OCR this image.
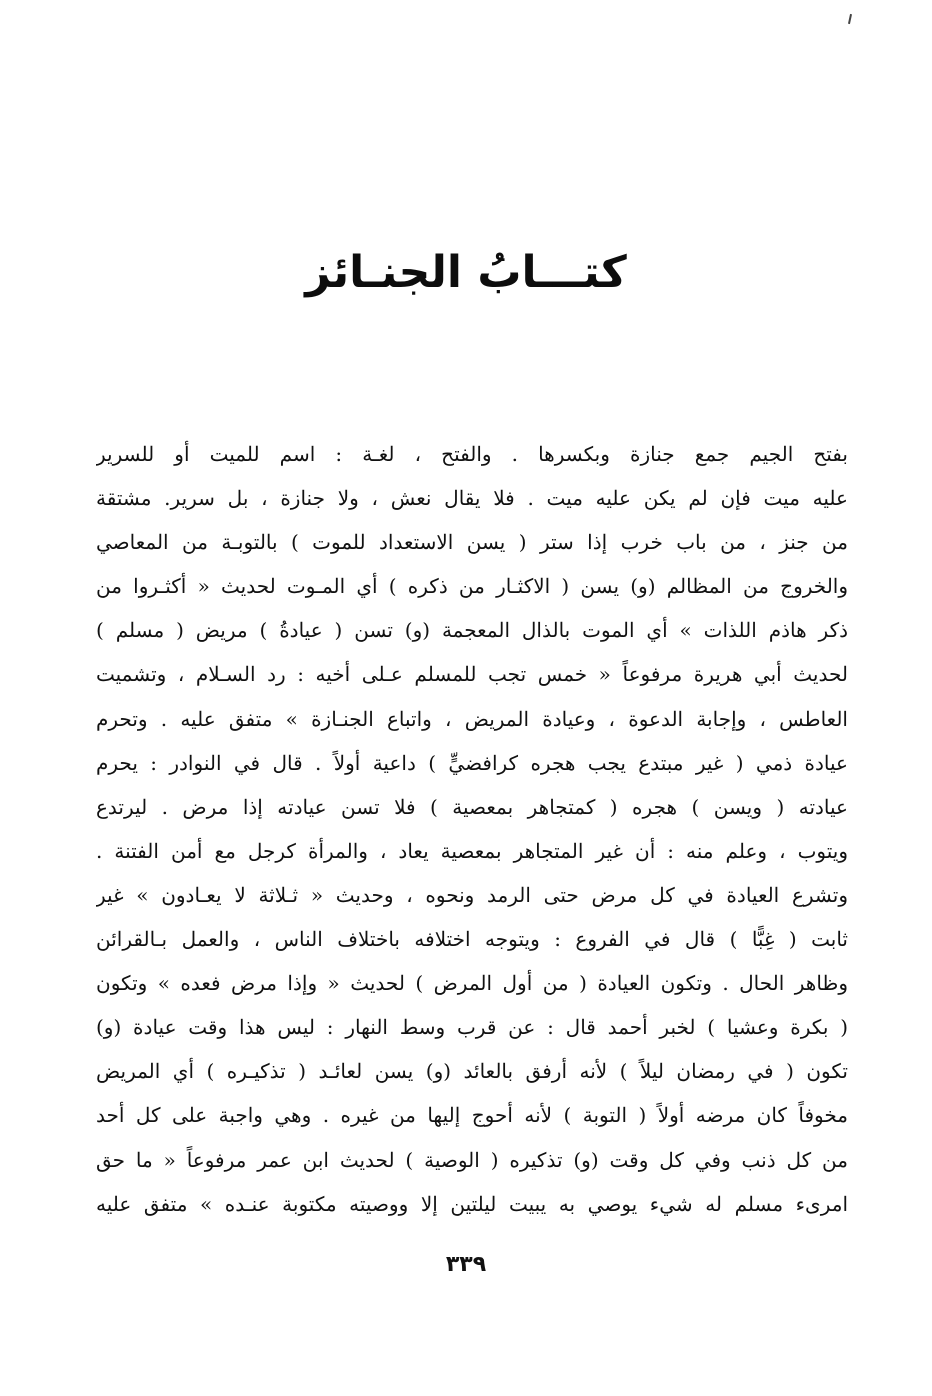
كتـــابُ الجنـائز
بفتح الجيم جمع جنازة وبكسرها . والفتح ، لغـة : اسم للميت أو للسرير
عليه ميت فإن لم يكن عليه ميت . فلا يقال نعش ، ولا جنازة ، بل سرير. مشتقة
من جنز ، من باب خرب إذا ستر ( يسن الاستعداد للموت ) بالتوبـة من المعاصي
والخروج من المظالم (و) يسن ( الاكثـار من ذكره ) أي المـوت لحديث « أكثـروا من
ذكر هاذم اللذات » أي الموت بالذال المعجمة (و) تسن ( عيادةُ ) مريض ( مسلم )
لحديث أبي هريرة مرفوعاً « خمس تجب للمسلم عـلى أخيه : رد السـلام ، وتشميت
العاطس ، وإجابة الدعوة ، وعيادة المريض ، واتباع الجنـازة » متفق عليه . وتحرم
عيادة ذمي ( غير مبتدع يجب هجره كرافضيٍّ ) داعية أولاً . قال في النوادر : يحرم
عيادته ( ويسن ) هجره ( كمتجاهر بمعصية ) فلا تسن عيادته إذا مرض . ليرتدع
ويتوب ، وعلم منه : أن غير المتجاهر بمعصية يعاد ، والمرأة كرجل مع أمن الفتنة .
وتشرع العيادة في كل مرض حتى الرمد ونحوه ، وحديث « ثـلاثة لا يعـادون » غير
ثابت ( غِبًّا ) قال في الفروع : ويتوجه اختلافه باختلاف الناس ، والعمل بـالقرائن
وظاهر الحال . وتكون العيادة ( من أول المرض ) لحديث « وإذا مرض فعده » وتكون
( بكرة وعشيا ) لخبر أحمد قال : عن قرب وسط النهار : ليس هذا وقت عيادة (و)
تكون ( في رمضان ليلاً ) لأنه أرفق بالعائد (و) يسن لعائـد ( تذكيـره ) أي المريض
مخوفاً كان مرضه أولاً ( التوبة ) لأنه أحوج إليها من غيره . وهي واجبة على كل أحد
من كل ذنب وفي كل وقت (و) تذكيره ( الوصية ) لحديث ابن عمر مرفوعاً « ما حق
امرىء مسلم له شيء يوصي به يبيت ليلتين إلا ووصيته مكتوبة عنـده » متفق عليه
٣٣٩
